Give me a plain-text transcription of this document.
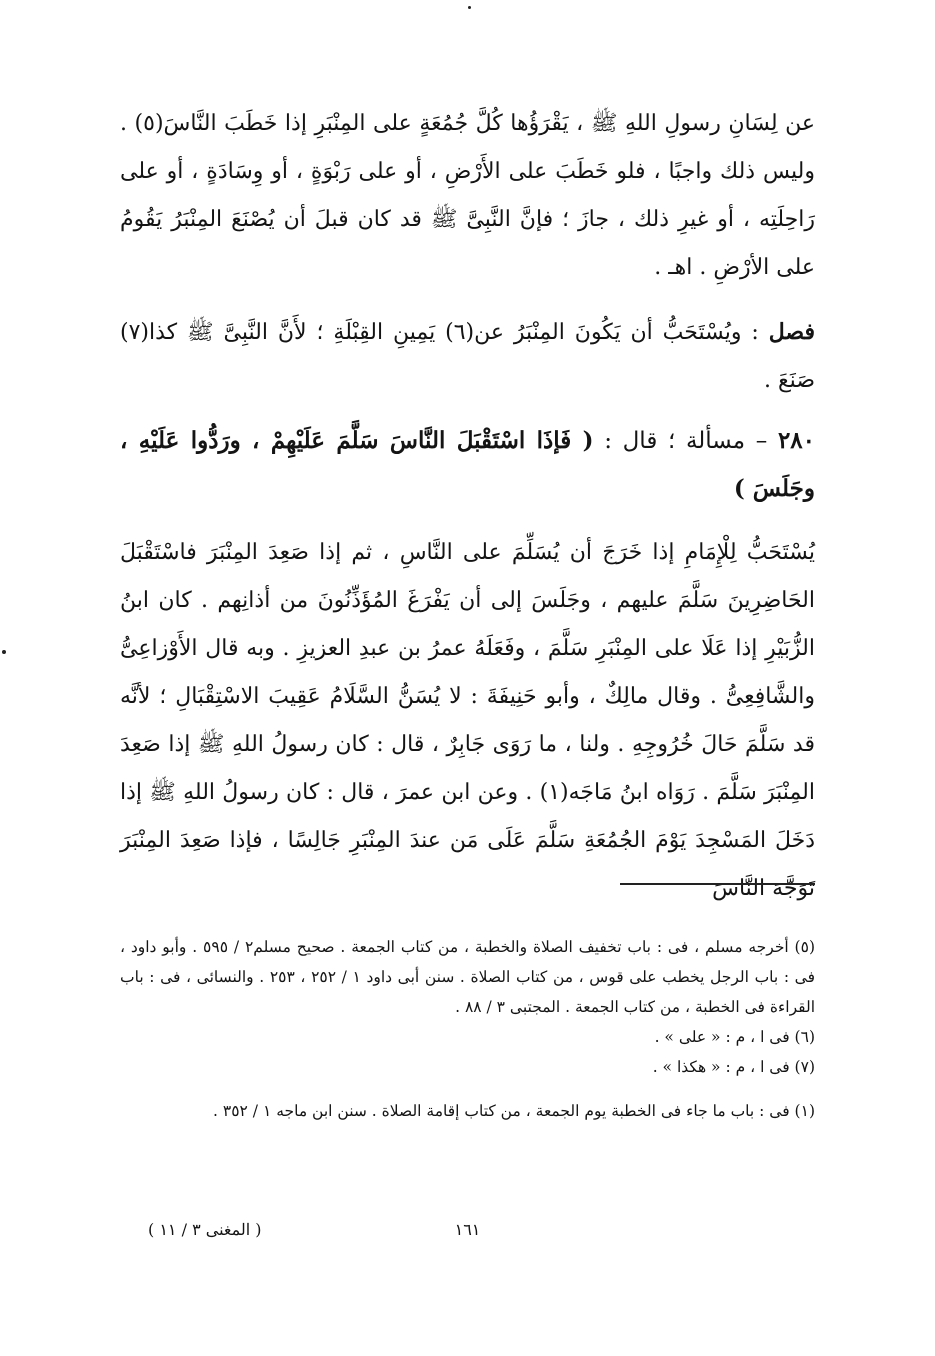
عن لِسَانِ رسولِ اللهِ ﷺ ، يَقْرَؤُها كُلَّ جُمُعَةٍ على المِنْبَرِ إذا خَطَبَ النَّاسَ(٥) . وليس ذلك واجبًا ، فلو خَطَبَ على الأَرْضِ ، أو على رَبْوَةٍ ، أو وِسَادَةٍ ، أو على رَاحِلَتِه ، أو غيرِ ذلك ، جازَ ؛ فإنَّ النَّبِىَّ ﷺ قد كان قبلَ أن يُصْنَعَ المِنْبَرُ يَقُومُ على الأرْضِ . اهـ .

فصل : ويُسْتَحَبُّ أن يَكُونَ المِنْبَرُ عن(٦) يَمِينِ القِبْلَةِ ؛ لأَنَّ النَّبِىَّ ﷺ كذا(٧) صَنَعَ .

٢٨٠ – مسألة ؛ قال : ( فَإذَا اسْتَقْبَلَ النَّاسَ سَلَّمَ عَلَيْهِمْ ، ورَدُّوا عَلَيْهِ ، وجَلَسَ )

يُسْتَحَبُّ لِلْإِمَامِ إذا خَرَجَ أن يُسَلِّمَ على النَّاسِ ، ثم إذا صَعِدَ المِنْبَرَ فاسْتَقْبَلَ الحَاضِرِينَ سَلَّمَ عليهم ، وجَلَسَ إلى أن يَفْرَغَ المُؤَذِّنُونَ من أذانِهم . كان ابنُ الزُّبَيْرِ إذا عَلَا على المِنْبَرِ سَلَّمَ ، وفَعَلَهُ عمرُ بن عبدِ العزيزِ . وبه قال الأَوْزاعِىُّ والشَّافِعِىُّ . وقال مالِكٌ ، وأبو حَنِيفَةَ : لا يُسَنُّ السَّلَامُ عَقِيبَ الاسْتِقْبَالِ ؛ لأنَّه قد سَلَّمَ حَالَ خُرُوجِهِ . ولنا ، ما رَوَى جَابِرٌ ، قال : كان رسولُ اللهِ ﷺ إذا صَعِدَ المِنْبَرَ سَلَّمَ . رَوَاه ابنُ مَاجَه(١) . وعن ابن عمرَ ، قال : كان رسولُ اللهِ ﷺ إذا دَخَلَ المَسْجِدَ يَوْمَ الجُمُعَةِ سَلَّمَ عَلَى مَن عندَ المِنْبَرِ جَالِسًا ، فإذا صَعِدَ المِنْبَرَ تَوَجَّهَ النَّاسَ

(٥) أخرجه مسلم ، فى : باب تخفيف الصلاة والخطبة ، من كتاب الجمعة . صحيح مسلم٢ / ٥٩٥ . وأبو داود ، فى : باب الرجل يخطب على قوس ، من كتاب الصلاة . سنن أبى داود ١ / ٢٥٢ ، ٢٥٣ . والنسائى ، فى : باب القراءة فى الخطبة ، من كتاب الجمعة . المجتبى ٣ / ٨٨ .

(٦) فى ا ، م : « على » .

(٧) فى ا ، م : « هكذا » .

(١) فى : باب ما جاء فى الخطبة يوم الجمعة ، من كتاب إقامة الصلاة . سنن ابن ماجه ١ / ٣٥٢ .

١٦١
( المغنى ٣ / ١١ )
